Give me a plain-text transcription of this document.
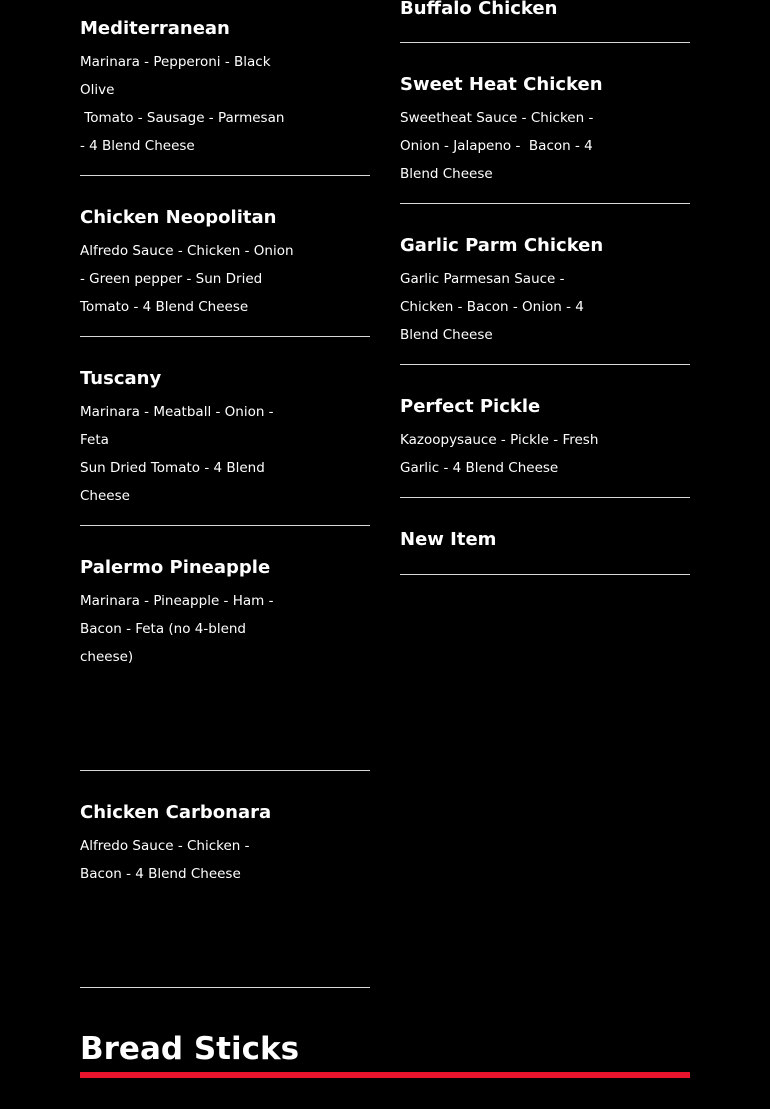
Mediterranean

Marinara - Pepperoni - Black
Olive
Tomato - Sausage - Parmesan
- 4 Blend Cheese

Chicken Neopolitan

Alfredo Sauce - Chicken - Onion
- Green pepper - Sun Dried
Tomato - 4 Blend Cheese

Tuscany

Marinara - Meatball - Onion -
Feta
Sun Dried Tomato - 4 Blend
Cheese

Palermo Pineapple

Marinara - Pineapple - Ham -
Bacon - Feta (no 4-blend
cheese)

Chicken Carbonara

Alfredo Sauce - Chicken -
Bacon - 4 Blend Cheese

Buffalo Chicken
Sweet Heat Chicken

Sweetheat Sauce - Chicken -
Onion - Jalapeno -  Bacon - 4
Blend Cheese

Garlic Parm Chicken

Garlic Parmesan Sauce -
Chicken - Bacon - Onion - 4
Blend Cheese

Perfect Pickle

Kazoopysauce - Pickle - Fresh
Garlic - 4 Blend Cheese

New Item
Bread Sticks
